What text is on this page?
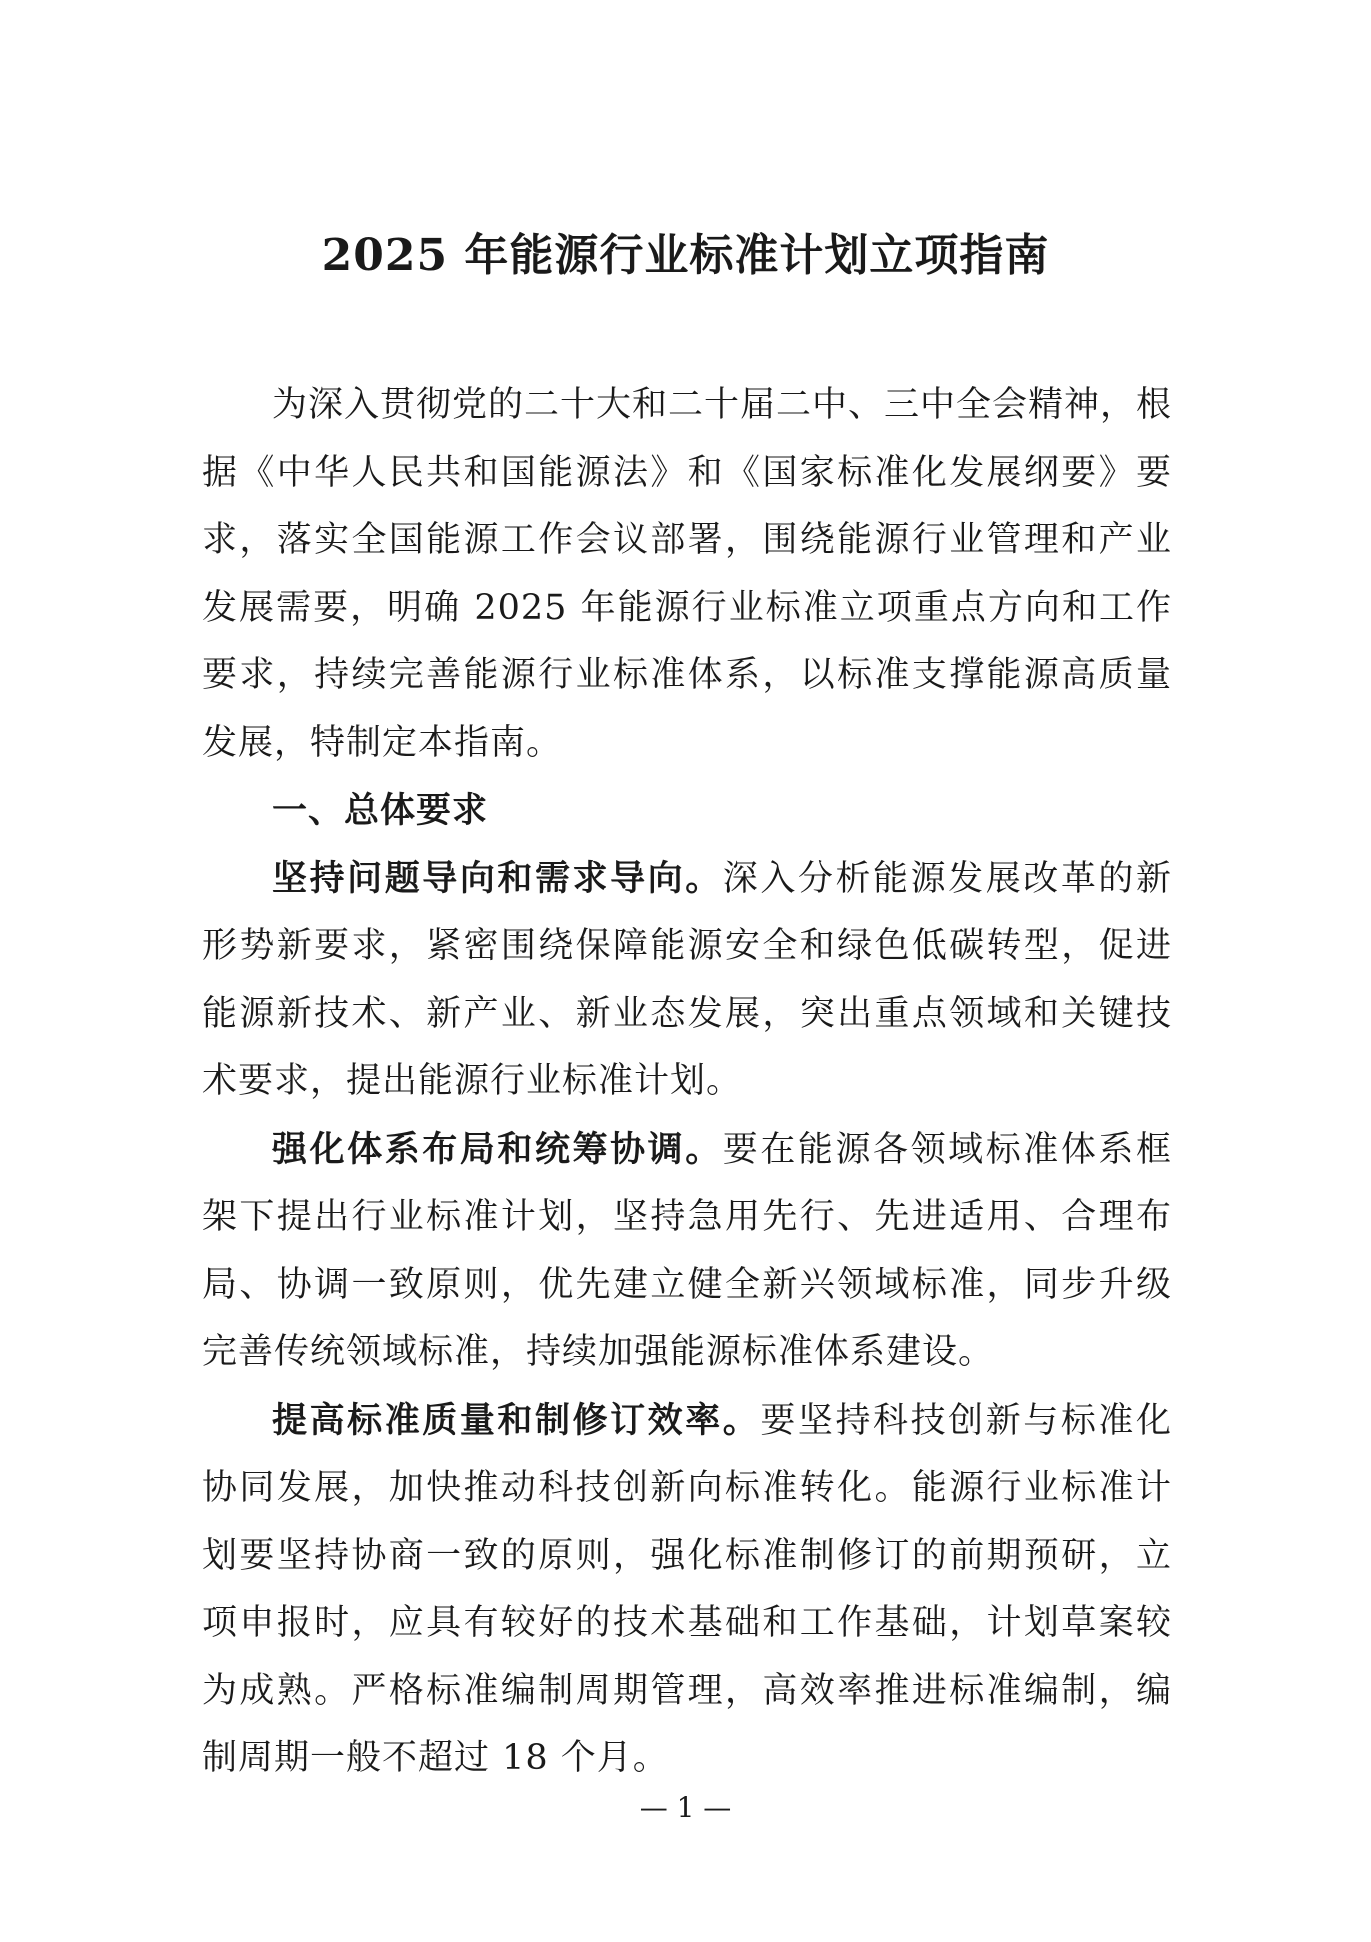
2025 年能源行业标准计划立项指南

为深入贯彻党的二十大和二十届二中、三中全会精神，根据《中华人民共和国能源法》和《国家标准化发展纲要》要求，落实全国能源工作会议部署，围绕能源行业管理和产业发展需要，明确 2025 年能源行业标准立项重点方向和工作要求，持续完善能源行业标准体系，以标准支撑能源高质量发展，特制定本指南。

一、总体要求

坚持问题导向和需求导向。深入分析能源发展改革的新形势新要求，紧密围绕保障能源安全和绿色低碳转型，促进能源新技术、新产业、新业态发展，突出重点领域和关键技术要求，提出能源行业标准计划。

强化体系布局和统筹协调。要在能源各领域标准体系框架下提出行业标准计划，坚持急用先行、先进适用、合理布局、协调一致原则，优先建立健全新兴领域标准，同步升级完善传统领域标准，持续加强能源标准体系建设。

提高标准质量和制修订效率。要坚持科技创新与标准化协同发展，加快推动科技创新向标准转化。能源行业标准计划要坚持协商一致的原则，强化标准制修订的前期预研，立项申报时，应具有较好的技术基础和工作基础，计划草案较为成熟。严格标准编制周期管理，高效率推进标准编制，编制周期一般不超过 18 个月。

— 1 —
